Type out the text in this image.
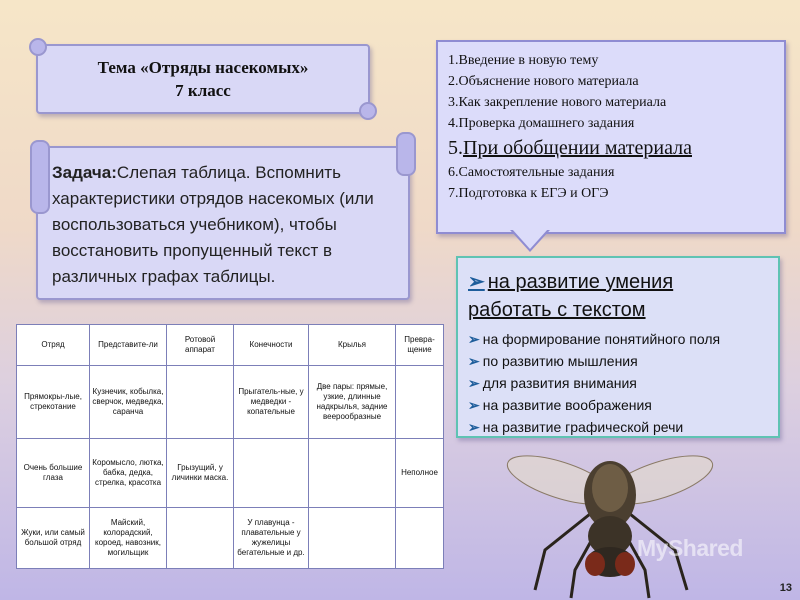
Тема «Отряды насекомых»
7 класс
Задача:Слепая таблица. Вспомнить характеристики отрядов насекомых (или воспользоваться учебником), чтобы восстановить пропущенный текст в различных графах таблицы.
1.Введение в новую тему
2.Объяснение нового материала
3.Как закрепление нового материала
4.Проверка домашнего задания
5.При обобщении материала
6.Самостоятельные задания
7.Подготовка к ЕГЭ и ОГЭ
➢ на развитие умения
работать с текстом
➢ на формирование понятийного поля
➢ по развитию мышления
➢ для развития внимания
➢ на развитие воображения
➢ на развитие графической речи
Отряд	Представите-ли	Ротовой аппарат	Конечности	Крылья	Превра-щение
Прямокры-лые, стрекотание	Кузнечик, кобылка, сверчок, медведка, саранча		Прыгатель-ные, у медведки - копательные	Две пары: прямые, узкие, длинные надкрылья, задние веерообразные	
Очень большие глаза	Коромысло, лютка, бабка, дедка, стрелка, красотка	Грызущий, у личинки маска.			Неполное
Жуки, или самый большой отряд	Майский, колорадский, короед, навозник, могильщик		У плавунца - плавательные у жужелицы бегательные и др.			MyShared
13
